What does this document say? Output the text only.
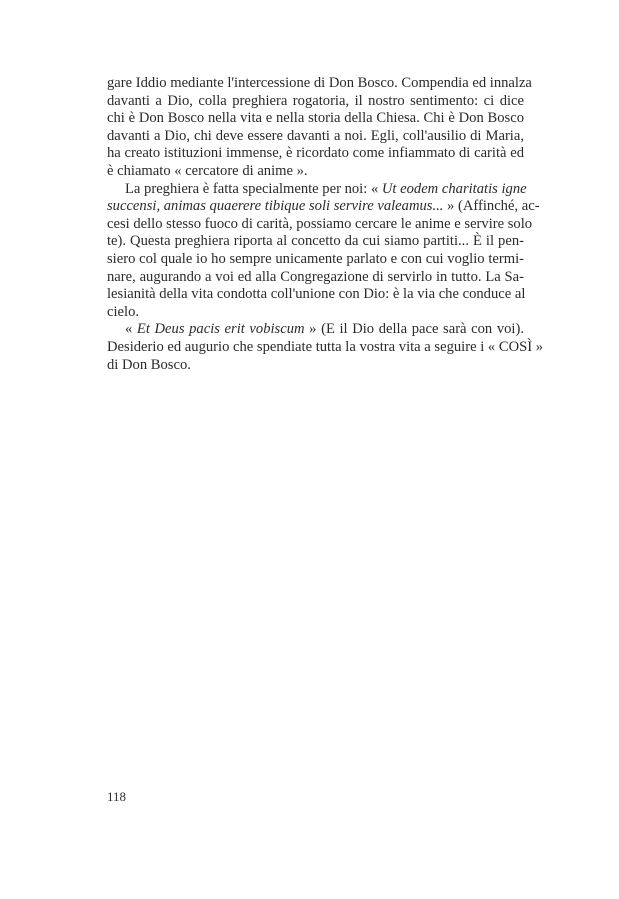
gare Iddio mediante l'intercessione di Don Bosco. Compendia ed innalza
davanti a Dio, colla preghiera rogatoria, il nostro sentimento: ci dice
chi è Don Bosco nella vita e nella storia della Chiesa. Chi è Don Bosco
davanti a Dio, chi deve essere davanti a noi. Egli, coll'ausilio di Maria,
ha creato istituzioni immense, è ricordato come infiammato di carità ed
è chiamato « cercatore di anime ».
La preghiera è fatta specialmente per noi: « Ut eodem charitatis igne
succensi, animas quaerere tibique soli servire valeamus... » (Affinché, ac-
cesi dello stesso fuoco di carità, possiamo cercare le anime e servire solo
te). Questa preghiera riporta al concetto da cui siamo partiti... È il pen-
siero col quale io ho sempre unicamente parlato e con cui voglio termi-
nare, augurando a voi ed alla Congregazione di servirlo in tutto. La Sa-
lesianità della vita condotta coll'unione con Dio: è la via che conduce al
cielo.
« Et Deus pacis erit vobiscum » (E il Dio della pace sarà con voi).
Desiderio ed augurio che spendiate tutta la vostra vita a seguire i « COSÌ »
di Don Bosco.
118
